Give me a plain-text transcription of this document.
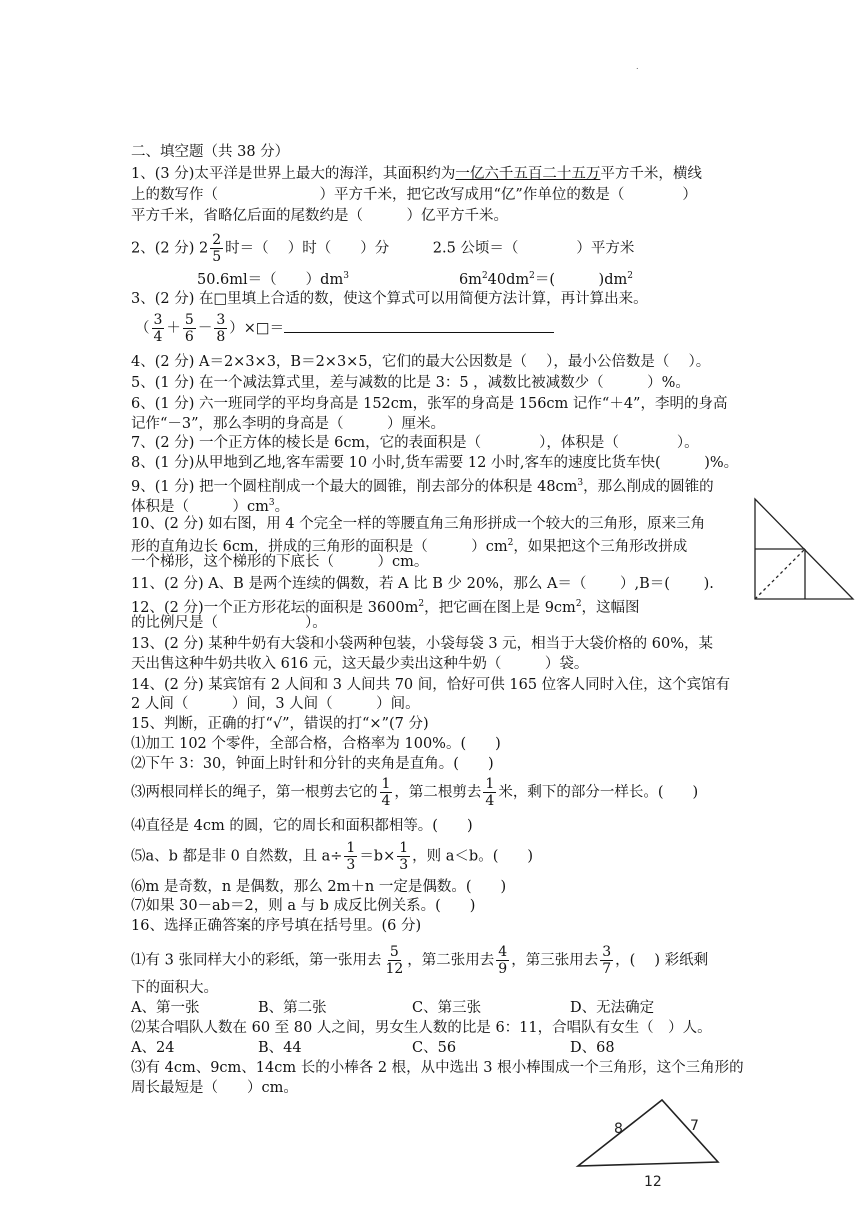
.
二、填空题（共 38 分）
1、(3 分)太平洋是世界上最大的海洋，其面积约为一亿六千五百二十五万平方千米，横线
上的数写作（　　　　　　　）平方千米，把它改写成用“亿”作单位的数是（　　　　）
平方千米，省略亿后面的尾数约是（　　　）亿平方千米。
2、(2 分) $2 \frac{2}{5}$ 时＝（　 ）时（　　）分　　　2.5 公顷＝（　　　　）平方米
50.6ml＝（　　）$dm^3$	$6m^240dm^2=$(　　　)$dm^2$
3、(2 分) 在□里填上合适的数，使这个算式可以用简便方法计算，再计算出来。
（ $\frac{3}{4} + \frac{5}{6} - \frac{3}{8}$ ）×□＝
4、(2 分) A＝2×3×3，B＝2×3×5，它们的最大公因数是（　 ），最小公倍数是（　 ）。
5、(1 分) 在一个减法算式里，差与减数的比是 3：5 ，减数比被减数少（　　　）%。
6、(1 分) 六一班同学的平均身高是 152cm，张军的身高是 156cm 记作“＋4”，李明的身高
记作“－3”，那么李明的身高是（　　　）厘米。
7、(2 分) 一个正方体的棱长是 6cm，它的表面积是（　　　　），体积是（　　　　）。
8、(1 分)从甲地到乙地,客车需要 10 小时,货车需要 12 小时,客车的速度比货车快(　　　)%。
9、(1 分) 把一个圆柱削成一个最大的圆锥，削去部分的体积是 $48cm^3$，那么削成的圆锥的
体积是（　　　）$cm^3$。
10、(2 分) 如右图，用 4 个完全一样的等腰直角三角形拼成一个较大的三角形，原来三角
形的直角边长 6cm，拼成的三角形的面积是（　　　）$cm^2$，如果把这个三角形改拼成
一个梯形，这个梯形的下底长（　　　）cm。
11、(2 分) A、B 是两个连续的偶数，若 A 比 B 少 20%，那么 A＝（　　 ）,B＝(　　 ).
12、(2 分)一个正方形花坛的面积是 $3600m^2$，把它画在图上是 $9cm^2$，这幅图
的比例尺是（　　　　　　）。
13、(2 分) 某种牛奶有大袋和小袋两种包装，小袋每袋 3 元，相当于大袋价格的 60%，某
天出售这种牛奶共收入 616 元，这天最少卖出这种牛奶（　　　）袋。
14、(2 分) 某宾馆有 2 人间和 3 人间共 70 间，恰好可供 165 位客人同时入住，这个宾馆有
2 人间（　　　）间，3 人间（　　　）间。
15、判断，正确的打“√”，错误的打“×”(7 分)
⑴加工 102 个零件，全部合格，合格率为 100%。(　　)
⑵下午 3：30，钟面上时针和分针的夹角是直角。(　　)
⑶两根同样长的绳子，第一根剪去它的 $\frac{1}{4}$ ，第二根剪去 $\frac{1}{4}$ 米，剩下的部分一样长。(　　)
⑷直径是 4cm 的圆，它的周长和面积都相等。(　　)
⑸a、b 都是非 0 自然数，且 $a\div \frac{1}{3} =b\times \frac{1}{3}$ ，则 a＜b。(　　)
⑹m 是奇数，n 是偶数，那么 2m＋n 一定是偶数。(　　)
⑺如果 30－ab＝2，则 a 与 b 成反比例关系。(　　)
16、选择正确答案的序号填在括号里。(6 分)
⑴有 3 张同样大小的彩纸，第一张用去 $\frac{5}{12}$ ，第二张用去 $\frac{4}{9}$ ，第三张用去 $\frac{3}{7}$ ，(　 ) 彩纸剩
下的面积大。
A、第一张	B、第二张	C、第三张	D、无法确定
⑵某合唱队人数在 60 至 80 人之间，男女生人数的比是 6：11，合唱队有女生（　）人。
A、24	B、44	C、56	D、68
⑶有 4cm、9cm、14cm 长的小棒各 2 根，从中选出 3 根小棒围成一个三角形，这个三角形的
周长最短是（　　）cm。
8	7
12
